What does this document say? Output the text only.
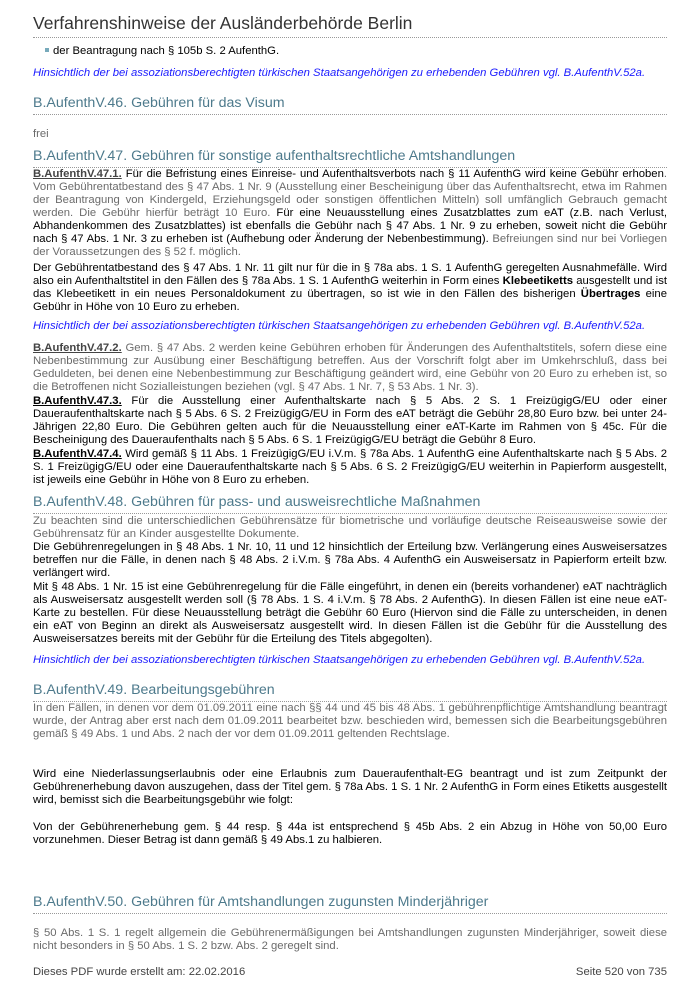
Verfahrenshinweise der Ausländerbehörde Berlin
der Beantragung nach § 105b S. 2 AufenthG.
Hinsichtlich der bei assoziationsberechtigten türkischen Staatsangehörigen zu erhebenden Gebühren vgl. B.AufenthV.52a.
B.AufenthV.46. Gebühren für das Visum
frei
B.AufenthV.47. Gebühren für sonstige aufenthaltsrechtliche Amtshandlungen
B.AufenthV.47.1. Für die Befristung eines Einreise- und Aufenthaltsverbots nach § 11 AufenthG wird keine Gebühr erhoben. Vom Gebührentatbestand des § 47 Abs. 1 Nr. 9 (Ausstellung einer Bescheinigung über das Aufenthaltsrecht, etwa im Rahmen der Beantragung von Kindergeld, Erziehungsgeld oder sonstigen öffentlichen Mitteln) soll umfänglich Gebrauch gemacht werden. Die Gebühr hierfür beträgt 10 Euro. Für eine Neuausstellung eines Zusatzblattes zum eAT (z.B. nach Verlust, Abhandenkommen des Zusatzblattes) ist ebenfalls die Gebühr nach § 47 Abs. 1 Nr. 9 zu erheben, soweit nicht die Gebühr nach § 47 Abs. 1 Nr. 3 zu erheben ist (Aufhebung oder Änderung der Nebenbestimmung). Befreiungen sind nur bei Vorliegen der Voraussetzungen des § 52 f. möglich.
Der Gebührentatbestand des § 47 Abs. 1 Nr. 11 gilt nur für die in § 78a abs. 1 S. 1 AufenthG geregelten Ausnahmefälle. Wird also ein Aufenthaltstitel in den Fällen des § 78a Abs. 1 S. 1 AufenthG weiterhin in Form eines Klebeetiketts ausgestellt und ist das Klebeetikett in ein neues Personaldokument zu übertragen, so ist wie in den Fällen des bisherigen Übertrages eine Gebühr in Höhe von 10 Euro zu erheben.
Hinsichtlich der bei assoziationsberechtigten türkischen Staatsangehörigen zu erhebenden Gebühren vgl. B.AufenthV.52a.
B.AufenthV.47.2. Gem. § 47 Abs. 2 werden keine Gebühren erhoben für Änderungen des Aufenthaltstitels, sofern diese eine Nebenbestimmung zur Ausübung einer Beschäftigung betreffen. Aus der Vorschrift folgt aber im Umkehrschluß, dass bei Geduldeten, bei denen eine Nebenbestimmung zur Beschäftigung geändert wird, eine Gebühr von 20 Euro zu erheben ist, so die Betroffenen nicht Sozialleistungen beziehen (vgl. § 47 Abs. 1 Nr. 7, § 53 Abs. 1 Nr. 3).
B.AufenthV.47.3. Für die Ausstellung einer Aufenthaltskarte nach § 5 Abs. 2 S. 1 FreizügigG/EU oder einer Daueraufenthaltskarte nach § 5 Abs. 6 S. 2 FreizügigG/EU in Form des eAT beträgt die Gebühr 28,80 Euro bzw. bei unter 24-Jährigen 22,80 Euro. Die Gebühren gelten auch für die Neuausstellung einer eAT-Karte im Rahmen von § 45c. Für die Bescheinigung des Daueraufenthalts nach § 5 Abs. 6 S. 1 FreizügigG/EU beträgt die Gebühr 8 Euro.
B.AufenthV.47.4. Wird gemäß § 11 Abs. 1 FreizügigG/EU i.V.m. § 78a Abs. 1 AufenthG eine Aufenthaltskarte nach § 5 Abs. 2 S. 1 FreizügigG/EU oder eine Daueraufenthaltskarte nach § 5 Abs. 6 S. 2 FreizügigG/EU weiterhin in Papierform ausgestellt, ist jeweils eine Gebühr in Höhe von 8 Euro zu erheben.
B.AufenthV.48. Gebühren für pass- und ausweisrechtliche Maßnahmen
Zu beachten sind die unterschiedlichen Gebührensätze für biometrische und vorläufige deutsche Reiseausweise sowie der Gebührensatz für an Kinder ausgestellte Dokumente.
Die Gebührenregelungen in § 48 Abs. 1 Nr. 10, 11 und 12 hinsichtlich der Erteilung bzw. Verlängerung eines Ausweisersatzes betreffen nur die Fälle, in denen nach § 48 Abs. 2 i.V.m. § 78a Abs. 4 AufenthG ein Ausweisersatz in Papierform erteilt bzw. verlängert wird.
Mit § 48 Abs. 1 Nr. 15 ist eine Gebührenregelung für die Fälle eingeführt, in denen ein (bereits vorhandener) eAT nachträglich als Ausweisersatz ausgestellt werden soll (§ 78 Abs. 1 S. 4 i.V.m. § 78 Abs. 2 AufenthG). In diesen Fällen ist eine neue eAT-Karte zu bestellen. Für diese Neuausstellung beträgt die Gebühr 60 Euro (Hiervon sind die Fälle zu unterscheiden, in denen ein eAT von Beginn an direkt als Ausweisersatz ausgestellt wird. In diesen Fällen ist die Gebühr für die Ausstellung des Ausweisersatzes bereits mit der Gebühr für die Erteilung des Titels abgegolten).
Hinsichtlich der bei assoziationsberechtigten türkischen Staatsangehörigen zu erhebenden Gebühren vgl. B.AufenthV.52a.
B.AufenthV.49. Bearbeitungsgebühren
In den Fällen, in denen vor dem 01.09.2011 eine nach §§ 44 und 45 bis 48 Abs. 1 gebührenpflichtige Amtshandlung beantragt wurde, der Antrag aber erst nach dem 01.09.2011 bearbeitet bzw. beschieden wird, bemessen sich die Bearbeitungsgebühren gemäß § 49 Abs. 1 und Abs. 2 nach der vor dem 01.09.2011 geltenden Rechtslage.
Wird eine Niederlassungserlaubnis oder eine Erlaubnis zum Daueraufenthalt-EG beantragt und ist zum Zeitpunkt der Gebührenerhebung davon auszugehen, dass der Titel gem. § 78a Abs. 1 S. 1 Nr. 2 AufenthG in Form eines Etiketts ausgestellt wird, bemisst sich die Bearbeitungsgebühr wie folgt:
Von der Gebührenerhebung gem. § 44 resp. § 44a ist entsprechend § 45b Abs. 2 ein Abzug in Höhe von 50,00 Euro vorzunehmen. Dieser Betrag ist dann gemäß § 49 Abs.1 zu halbieren.
B.AufenthV.50. Gebühren für Amtshandlungen zugunsten Minderjähriger
§ 50 Abs. 1 S. 1 regelt allgemein die Gebührenermäßigungen bei Amtshandlungen zugunsten Minderjähriger, soweit diese nicht besonders in § 50 Abs. 1 S. 2 bzw. Abs. 2 geregelt sind.
Dieses PDF wurde erstellt am: 22.02.2016	Seite 520 von 735
